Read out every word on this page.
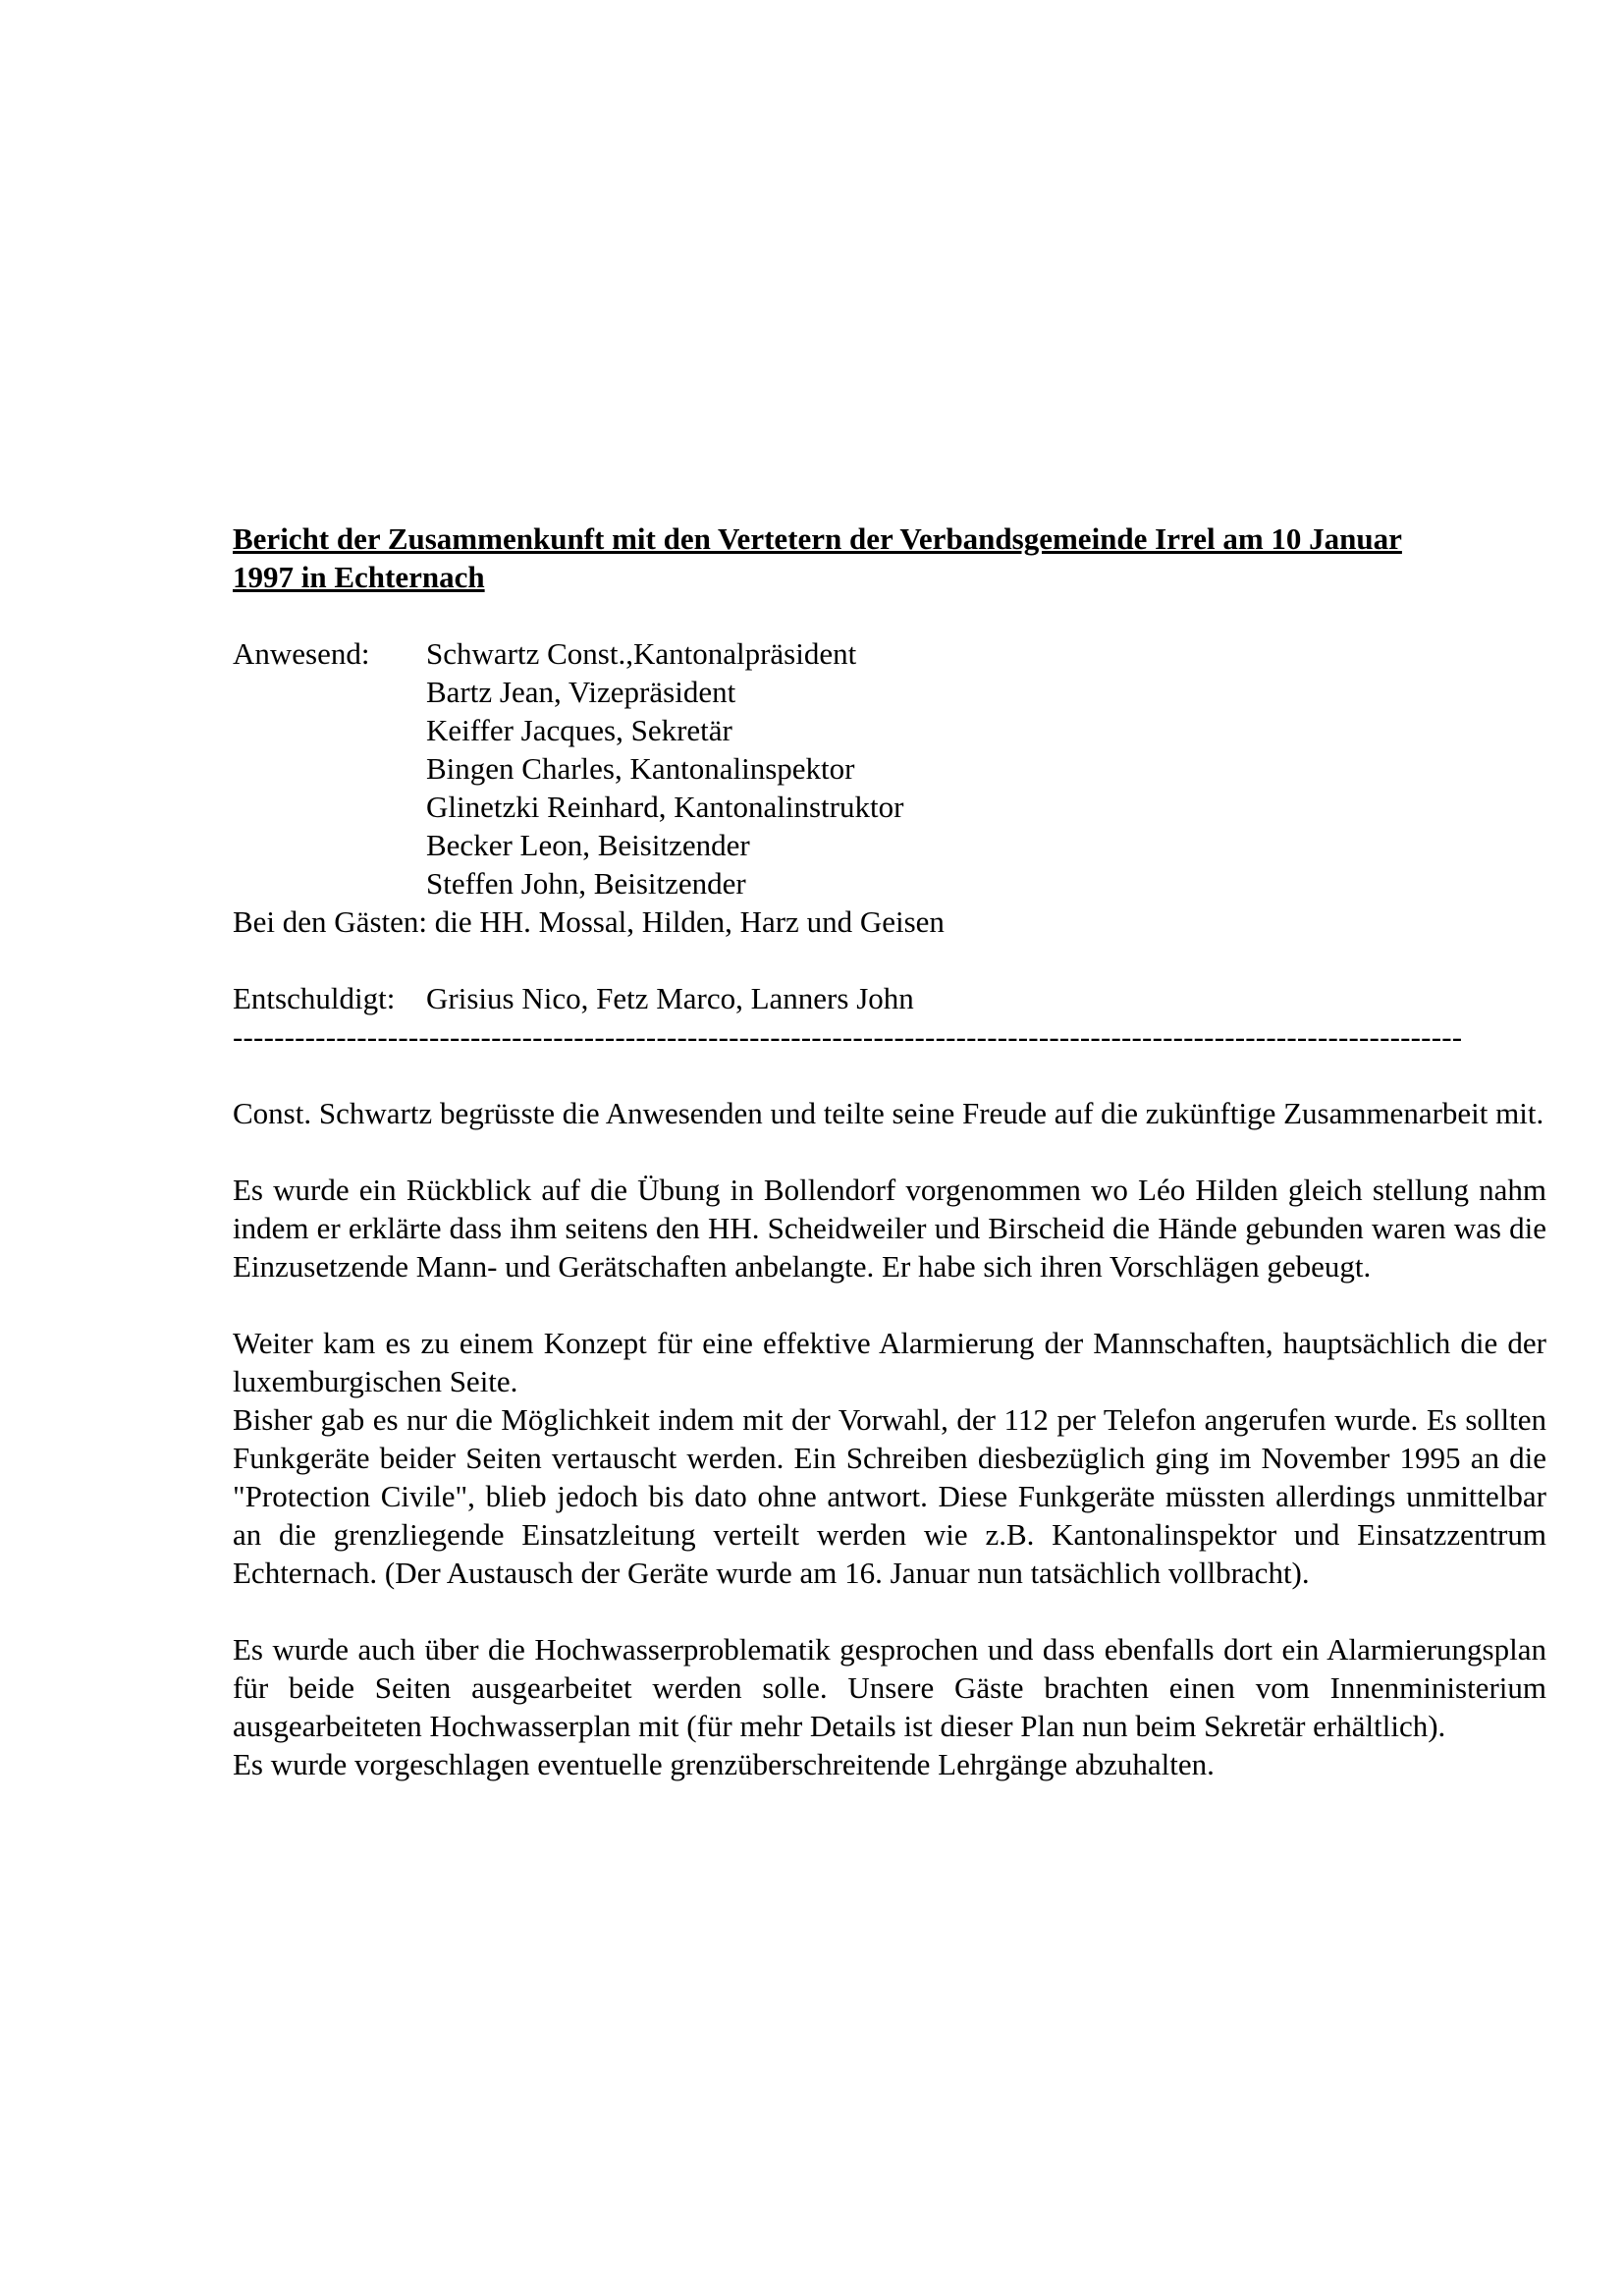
Bericht der Zusammenkunft mit den Vertetern der Verbandsgemeinde Irrel am 10 Januar

1997 in Echternach

Anwesend:	Schwartz Const.,Kantonalpräsident
Bartz Jean, Vizepräsident
Keiffer Jacques, Sekretär
Bingen Charles, Kantonalinspektor
Glinetzki Reinhard, Kantonalinstruktor
Becker Leon, Beisitzender
Steffen John, Beisitzender
Bei den Gästen: die HH. Mossal, Hilden, Harz und Geisen
Entschuldigt:	Grisius Nico, Fetz Marco, Lanners John
-----------------------------------------------------------------------------------------------------------------------

Const. Schwartz begrüsste die Anwesenden und teilte seine Freude auf die zukünftige Zusammenarbeit mit.

Es wurde ein Rückblick auf die Übung in Bollendorf vorgenommen wo Léo Hilden gleich stellung nahm indem er erklärte dass ihm seitens den HH. Scheidweiler und Birscheid die Hände gebunden waren was die Einzusetzende Mann- und Gerätschaften anbelangte. Er habe sich ihren Vorschlägen gebeugt.

Weiter kam es zu einem Konzept für eine effektive Alarmierung der Mannschaften, hauptsächlich die der luxemburgischen Seite.

Bisher gab es nur die Möglichkeit indem mit der Vorwahl, der 112 per Telefon angerufen wurde. Es sollten Funkgeräte beider Seiten vertauscht werden. Ein Schreiben diesbezüglich ging im November 1995 an die "Protection Civile", blieb jedoch bis dato ohne antwort. Diese Funkgeräte müssten allerdings unmittelbar an die grenzliegende Einsatzleitung verteilt werden wie z.B. Kantonalinspektor und Einsatzzentrum Echternach. (Der Austausch der Geräte wurde am 16. Januar nun tatsächlich vollbracht).

Es wurde auch über die Hochwasserproblematik gesprochen und dass ebenfalls dort ein Alarmierungsplan für beide Seiten ausgearbeitet werden solle. Unsere Gäste brachten einen vom Innenministerium ausgearbeiteten Hochwasserplan mit (für mehr Details ist dieser Plan nun beim Sekretär erhältlich).

Es wurde vorgeschlagen eventuelle grenzüberschreitende Lehrgänge abzuhalten.
